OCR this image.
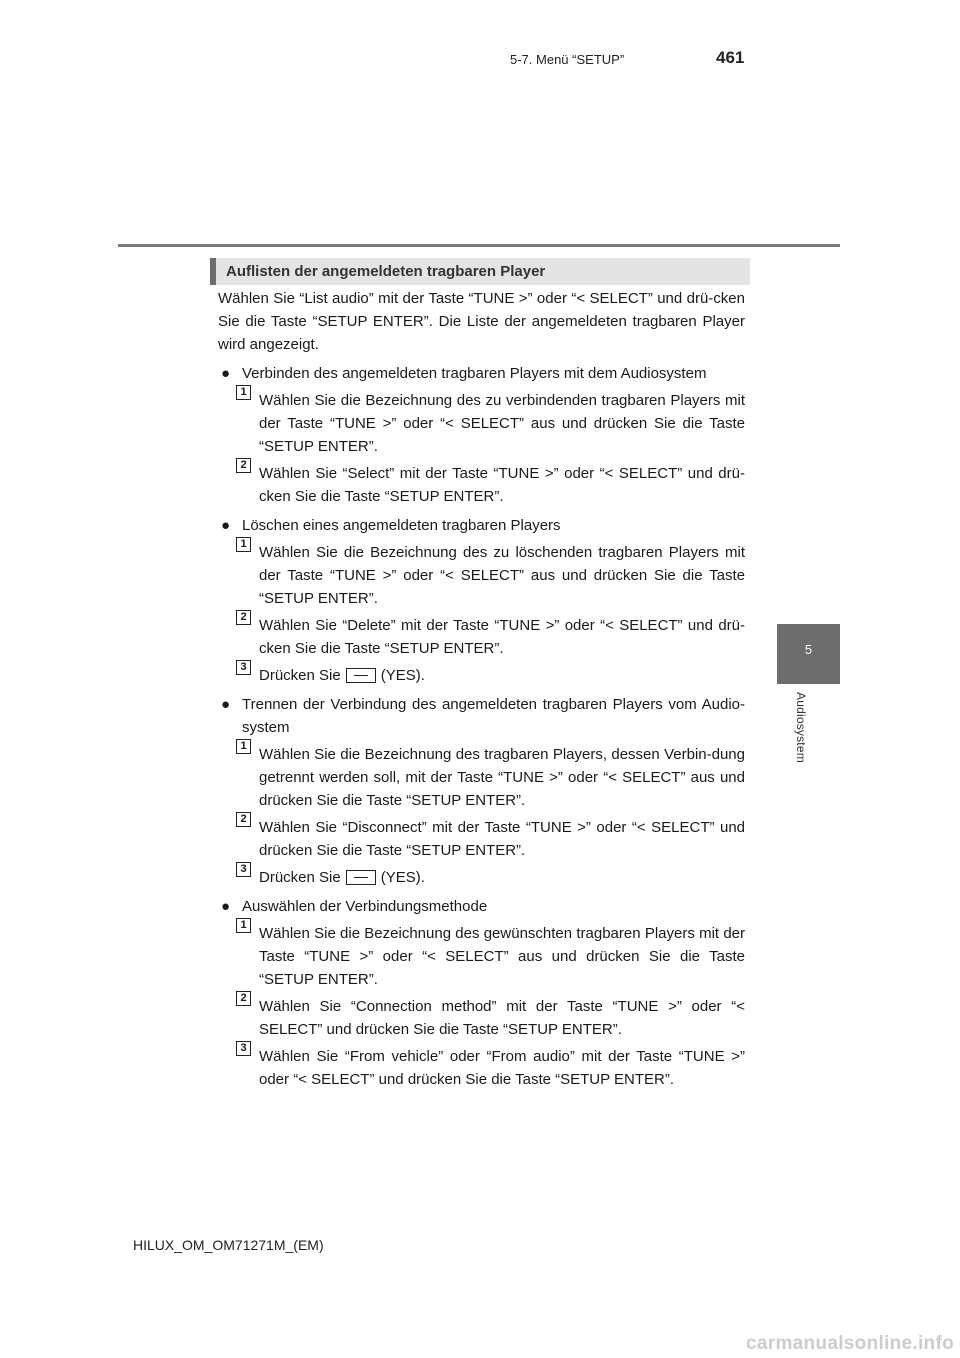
5-7. Menü “SETUP”	461
5
Audiosystem
Auflisten der angemeldeten tragbaren Player

Wählen Sie “List audio” mit der Taste “TUNE >” oder “< SELECT” und drü-cken Sie die Taste “SETUP ENTER”. Die Liste der angemeldeten tragbaren Player wird angezeigt.

● Verbinden des angemeldeten tragbaren Players mit dem Audiosystem
1 Wählen Sie die Bezeichnung des zu verbindenden tragbaren Players mit der Taste “TUNE >” oder “< SELECT” aus und drücken Sie die Taste “SETUP ENTER”.
2 Wählen Sie “Select” mit der Taste “TUNE >” oder “< SELECT” und drü-cken Sie die Taste “SETUP ENTER”.
● Löschen eines angemeldeten tragbaren Players
1 Wählen Sie die Bezeichnung des zu löschenden tragbaren Players mit der Taste “TUNE >” oder “< SELECT” aus und drücken Sie die Taste “SETUP ENTER”.
2 Wählen Sie “Delete” mit der Taste “TUNE >” oder “< SELECT” und drü-cken Sie die Taste “SETUP ENTER”.
3 Drücken Sie	(YES).
● Trennen der Verbindung des angemeldeten tragbaren Players vom Audio-system
1 Wählen Sie die Bezeichnung des tragbaren Players, dessen Verbin-dung getrennt werden soll, mit der Taste “TUNE >” oder “< SELECT” aus und drücken Sie die Taste “SETUP ENTER”.
2 Wählen Sie “Disconnect” mit der Taste “TUNE >” oder “< SELECT” und drücken Sie die Taste “SETUP ENTER”.
3 Drücken Sie	(YES).
● Auswählen der Verbindungsmethode
1 Wählen Sie die Bezeichnung des gewünschten tragbaren Players mit der Taste “TUNE >” oder “< SELECT” aus und drücken Sie die Taste “SETUP ENTER”.
2 Wählen Sie “Connection method” mit der Taste “TUNE >” oder “< SELECT” und drücken Sie die Taste “SETUP ENTER”.
3 Wählen Sie “From vehicle” oder “From audio” mit der Taste “TUNE >” oder “< SELECT” und drücken Sie die Taste “SETUP ENTER”.
HILUX_OM_OM71271M_(EM)
carmanualsonline.info
